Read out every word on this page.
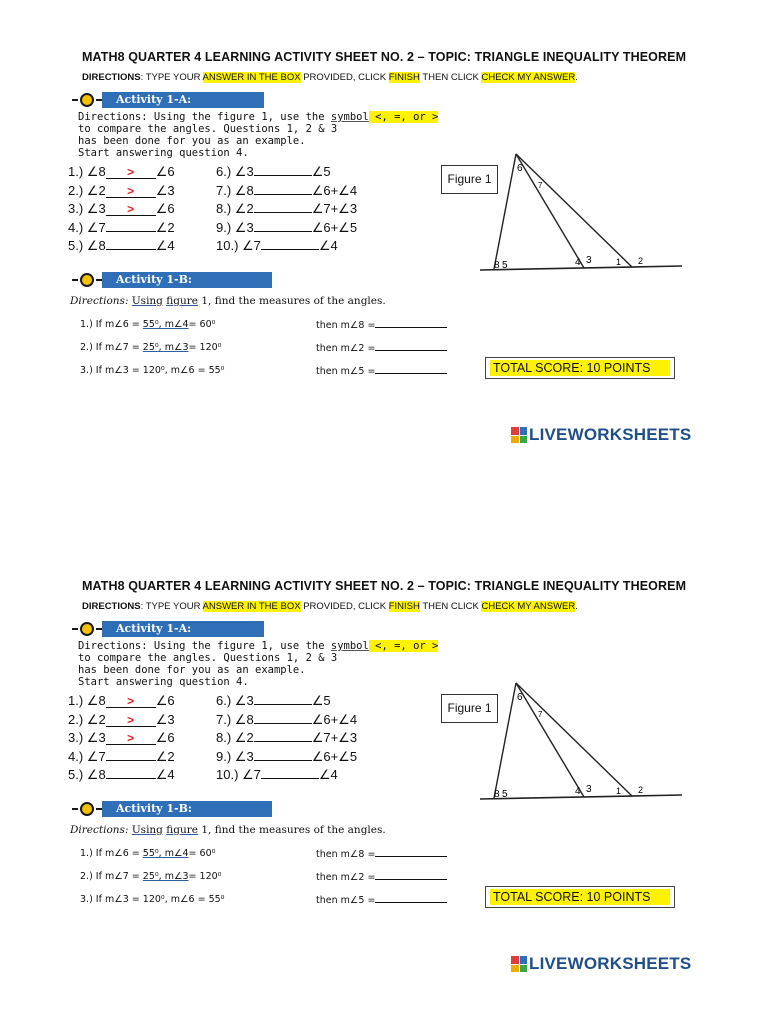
MATH8 QUARTER 4 LEARNING ACTIVITY SHEET NO. 2 – TOPIC: TRIANGLE INEQUALITY THEOREM
DIRECTIONS: TYPE YOUR ANSWER IN THE BOX PROVIDED, CLICK FINISH THEN CLICK CHECK MY ANSWER.
Activity 1-A:
Directions: Using the figure 1, use the symbol <, =, or >
to compare the angles. Questions 1, 2 & 3
has been done for you as an example.
Start answering question 4.
1.) ∠8 > ∠6
2.) ∠2 > ∠3
3.) ∠3 > ∠6
4.) ∠7	∠2
5.) ∠8	∠4
6.) ∠3	∠5
7.) ∠8	∠6+∠4
8.) ∠2	∠7+∠3
9.) ∠3	∠6+∠5
10.) ∠7	∠4
Figure 1
6
7
8 5	4 3	1 2
Activity 1-B:
Directions: Using figure 1, find the measures of the angles.
1.) If m∠6 = 55⁰, m∠4= 60⁰	then m∠8 =
2.) If m∠7 = 25⁰, m∠3= 120⁰	then m∠2 =
3.) If m∠3 = 120⁰, m∠6 = 55⁰	then m∠5 =	TOTAL SCORE: 10 POINTS
LIVEWORKSHEETS
MATH8 QUARTER 4 LEARNING ACTIVITY SHEET NO. 2 – TOPIC: TRIANGLE INEQUALITY THEOREM
DIRECTIONS: TYPE YOUR ANSWER IN THE BOX PROVIDED, CLICK FINISH THEN CLICK CHECK MY ANSWER.
Activity 1-A:
Directions: Using the figure 1, use the symbol <, =, or >
to compare the angles. Questions 1, 2 & 3
has been done for you as an example.
Start answering question 4.
1.) ∠8 > ∠6
2.) ∠2 > ∠3
3.) ∠3 > ∠6
4.) ∠7	∠2
5.) ∠8	∠4
6.) ∠3	∠5
7.) ∠8	∠6+∠4
8.) ∠2	∠7+∠3
9.) ∠3	∠6+∠5
10.) ∠7	∠4
Figure 1
6
7
8 5	4 3	1 2
Activity 1-B:
Directions: Using figure 1, find the measures of the angles.
1.) If m∠6 = 55⁰, m∠4= 60⁰	then m∠8 =
2.) If m∠7 = 25⁰, m∠3= 120⁰	then m∠2 =
3.) If m∠3 = 120⁰, m∠6 = 55⁰	then m∠5 =	TOTAL SCORE: 10 POINTS
LIVEWORKSHEETS
